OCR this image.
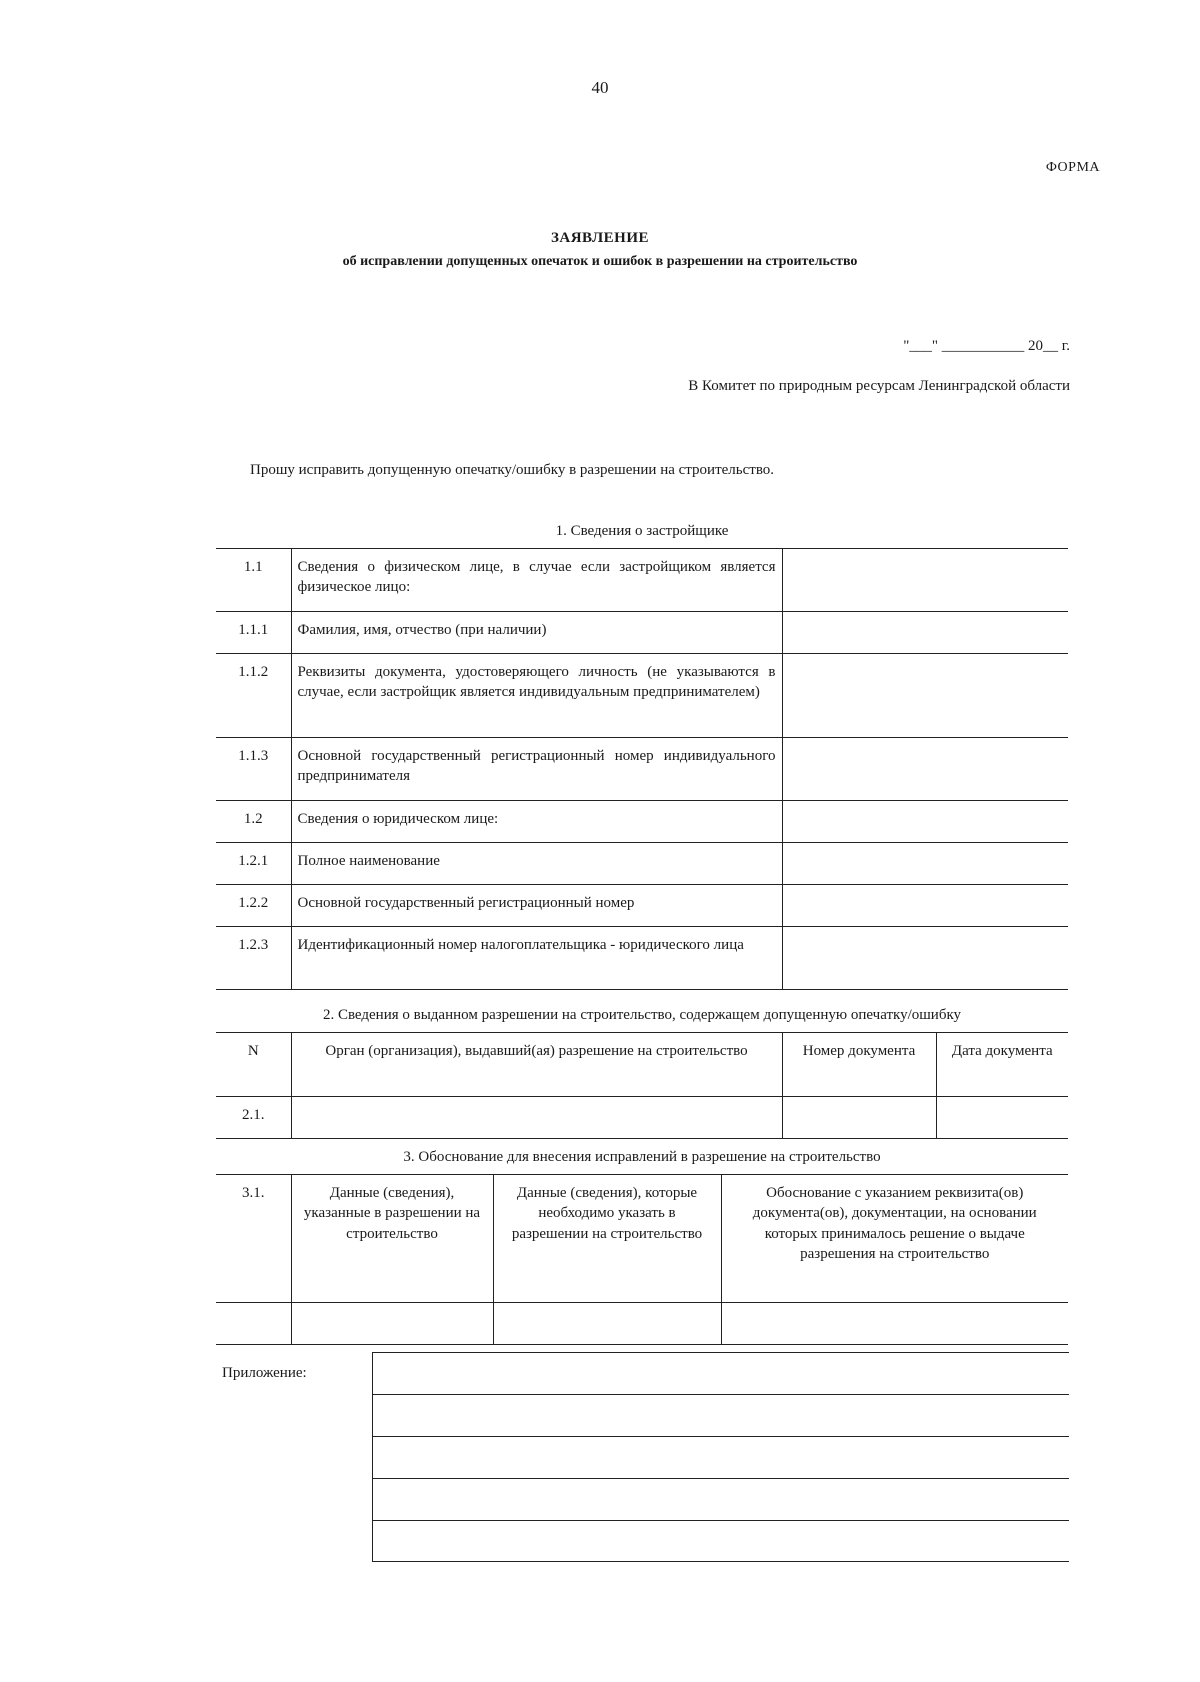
40
ФОРМА
ЗАЯВЛЕНИЕ
об исправлении допущенных опечаток и ошибок в разрешении на строительство
"___" ___________ 20__ г.
В Комитет по природным ресурсам Ленинградской области
Прошу исправить допущенную опечатку/ошибку в разрешении на строительство.
1. Сведения о застройщике
1.1	Сведения о физическом лице, в случае если застройщиком является физическое лицо:	
1.1.1	Фамилия, имя, отчество (при наличии)	
1.1.2	Реквизиты документа, удостоверяющего личность (не указываются в случае, если застройщик является индивидуальным предпринимателем)	
1.1.3	Основной государственный регистрационный номер индивидуального предпринимателя	
1.2	Сведения о юридическом лице:	
1.2.1	Полное наименование	
1.2.2	Основной государственный регистрационный номер	
1.2.3	Идентификационный номер налогоплательщика - юридического лица	
2. Сведения о выданном разрешении на строительство, содержащем допущенную опечатку/ошибку
N	Орган (организация), выдавший(ая) разрешение на строительство	Номер документа	Дата документа
2.1.			
3. Обоснование для внесения исправлений в разрешение на строительство
3.1.	Данные (сведения), указанные в разрешении на строительство	Данные (сведения), которые необходимо указать в разрешении на строительство	Обоснование с указанием реквизита(ов) документа(ов), документации, на основании которых принималось решение о выдаче разрешения на строительство

Приложение:
